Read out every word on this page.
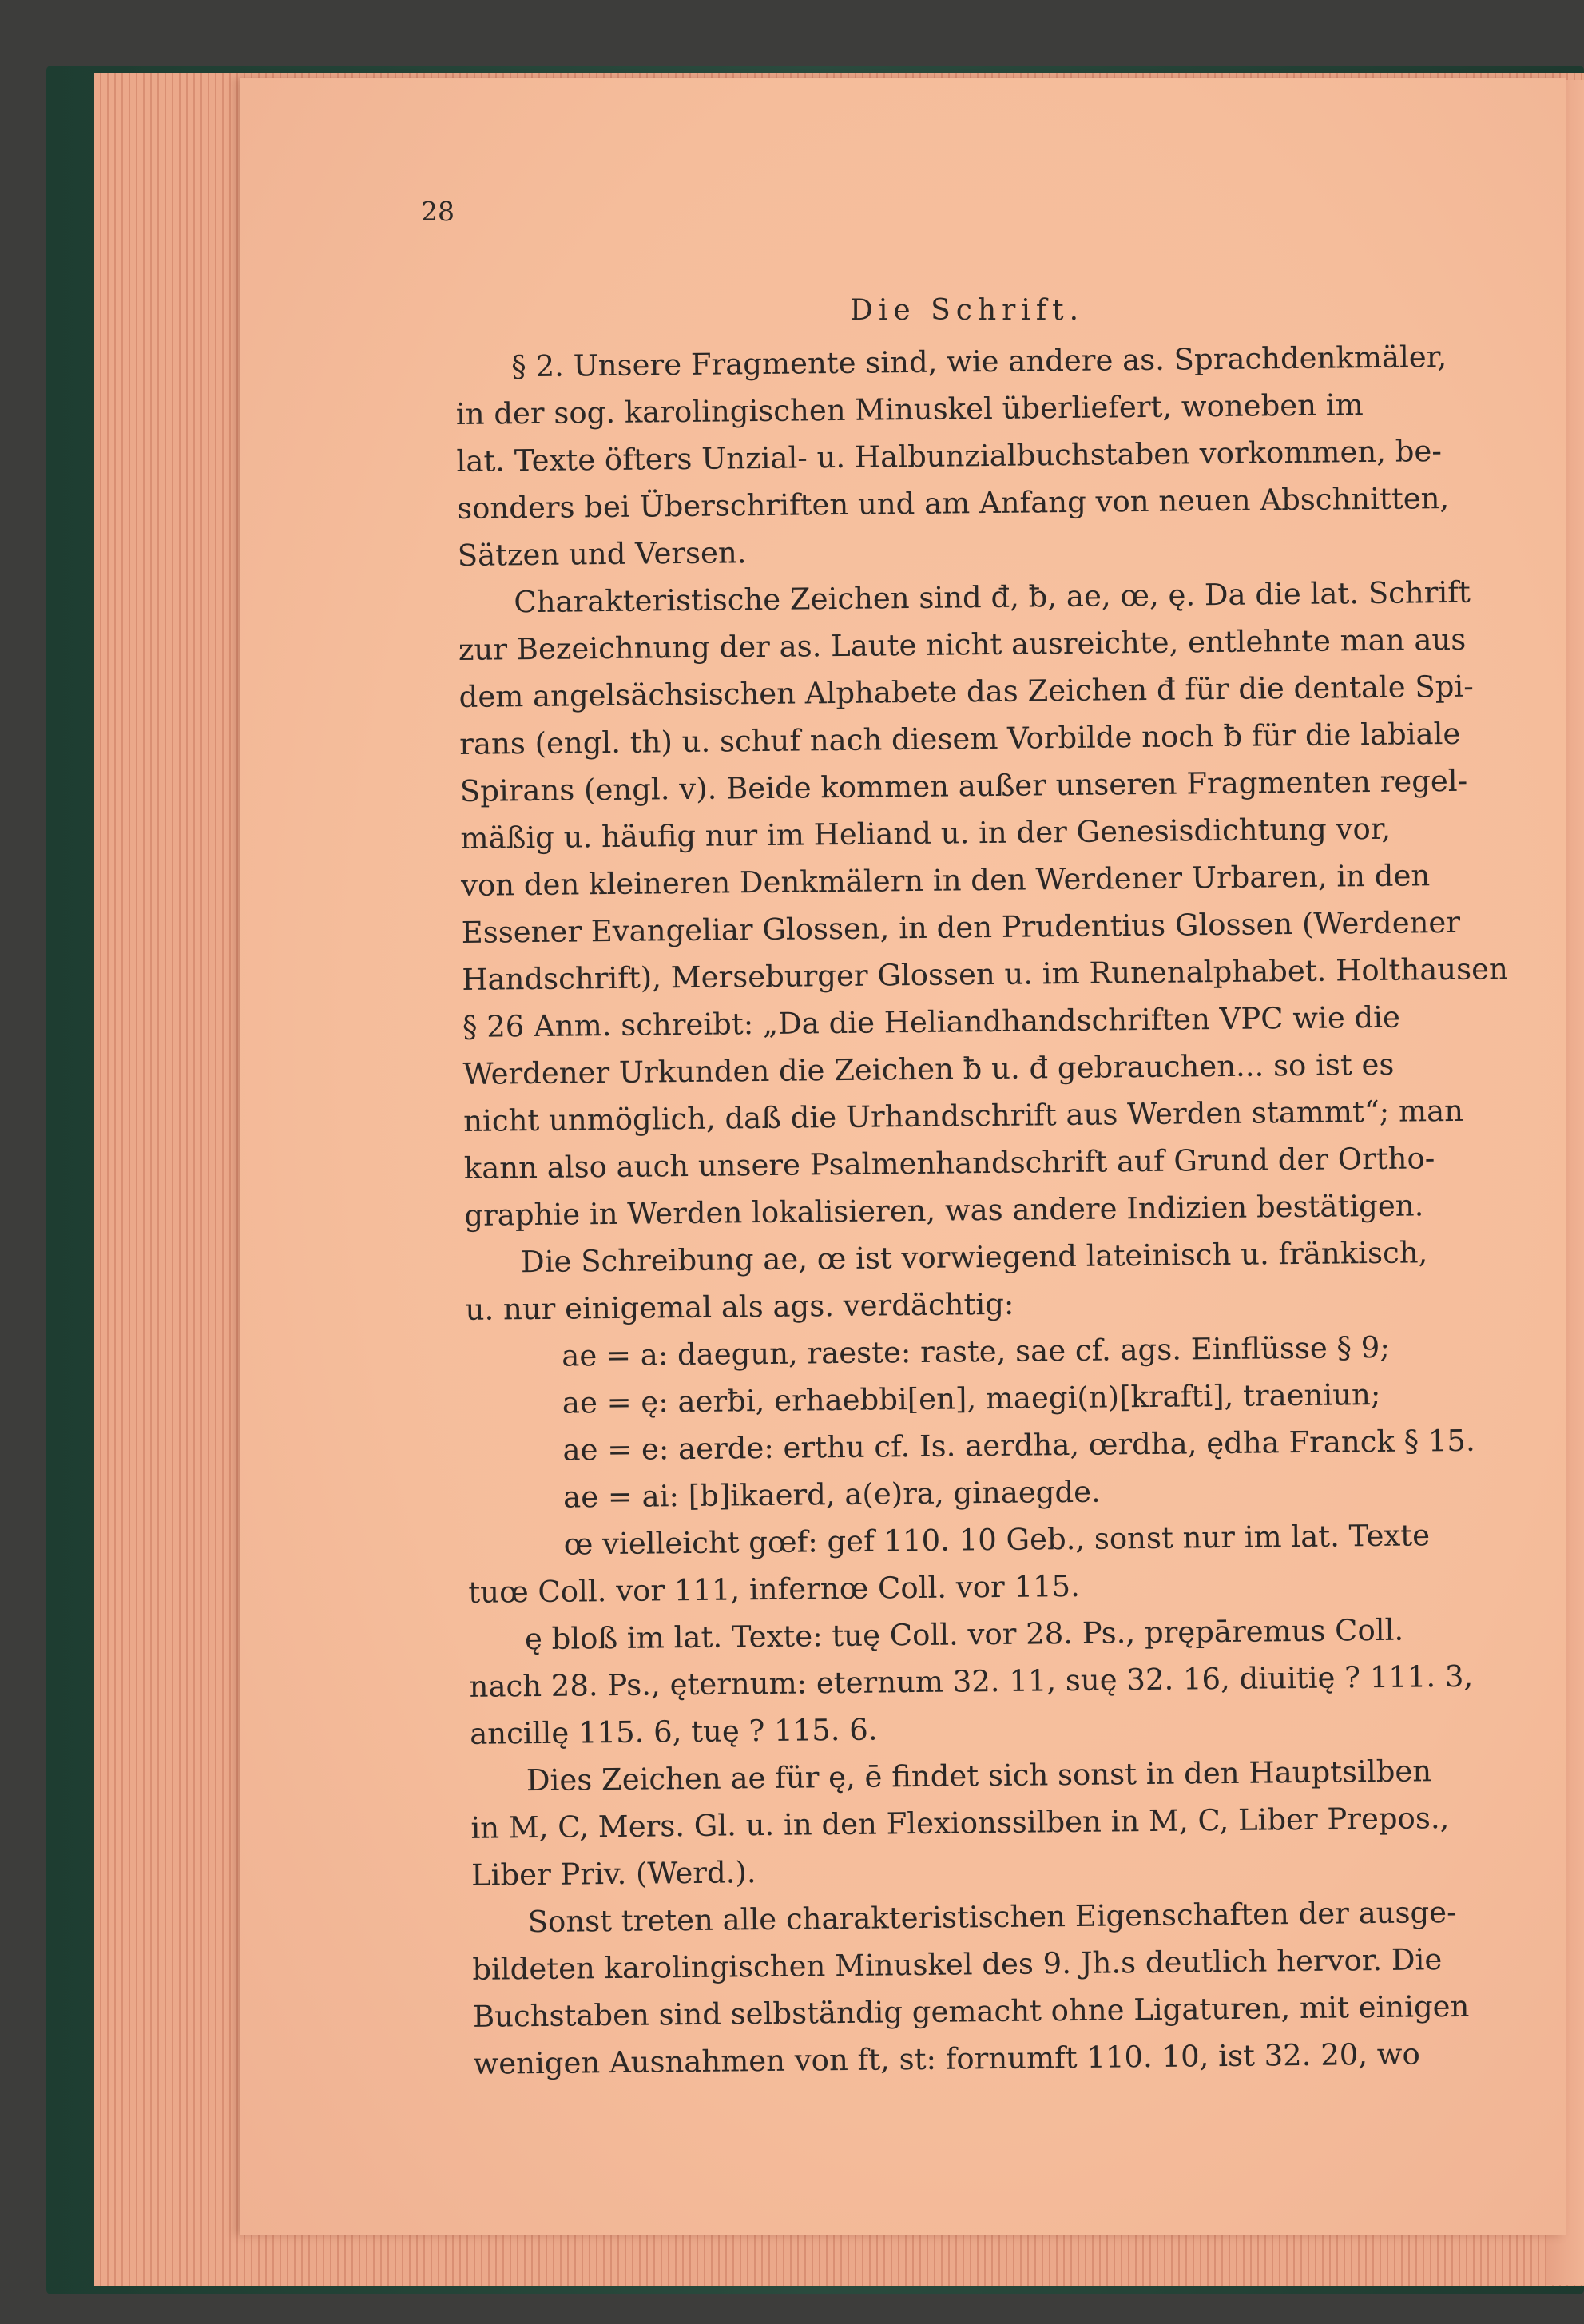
28
Die Schrift.
§ 2. Unsere Fragmente sind, wie andere as. Sprachdenkmäler,
in der sog. karolingischen Minuskel überliefert, woneben im
lat. Texte öfters Unzial- u. Halbunzialbuchstaben vorkommen, be-
sonders bei Überschriften und am Anfang von neuen Abschnitten,
Sätzen und Versen.
Charakteristische Zeichen sind đ, ƀ, ae, œ, ę. Da die lat. Schrift
zur Bezeichnung der as. Laute nicht ausreichte, entlehnte man aus
dem angelsächsischen Alphabete das Zeichen đ für die dentale Spi-
rans (engl. th) u. schuf nach diesem Vorbilde noch ƀ für die labiale
Spirans (engl. v). Beide kommen außer unseren Fragmenten regel-
mäßig u. häufig nur im Heliand u. in der Genesisdichtung vor,
von den kleineren Denkmälern in den Werdener Urbaren, in den
Essener Evangeliar Glossen, in den Prudentius Glossen (Werdener
Handschrift), Merseburger Glossen u. im Runenalphabet. Holthausen
§ 26 Anm. schreibt: „Da die Heliandhandschriften VPC wie die
Werdener Urkunden die Zeichen ƀ u. đ gebrauchen... so ist es
nicht unmöglich, daß die Urhandschrift aus Werden stammt“; man
kann also auch unsere Psalmenhandschrift auf Grund der Ortho-
graphie in Werden lokalisieren, was andere Indizien bestätigen.
Die Schreibung ae, œ ist vorwiegend lateinisch u. fränkisch,
u. nur einigemal als ags. verdächtig:
ae = a: daegun, raeste: raste, sae cf. ags. Einflüsse § 9;
ae = ę: aerƀi, erhaebbi[en], maegi(n)[krafti], traeniun;
ae = e: aerde: erthu cf. Is. aerdha, œrdha, ędha Franck § 15.
ae = ai: [b]ikaerd, a(e)ra, ginaegde.
œ vielleicht gœf: gef 110. 10 Geb., sonst nur im lat. Texte
tuœ Coll. vor 111, infernœ Coll. vor 115.
ę bloß im lat. Texte: tuę Coll. vor 28. Ps., prępāremus Coll.
nach 28. Ps., ęternum: eternum 32. 11, suę 32. 16, diuitię ? 111. 3,
ancillę 115. 6, tuę ? 115. 6.
Dies Zeichen ae für ę, ē findet sich sonst in den Hauptsilben
in M, C, Mers. Gl. u. in den Flexionssilben in M, C, Liber Prepos.,
Liber Priv. (Werd.).
Sonst treten alle charakteristischen Eigenschaften der ausge-
bildeten karolingischen Minuskel des 9. Jh.s deutlich hervor. Die
Buchstaben sind selbständig gemacht ohne Ligaturen, mit einigen
wenigen Ausnahmen von ft, st: fornumft 110. 10, ist 32. 20, wo
